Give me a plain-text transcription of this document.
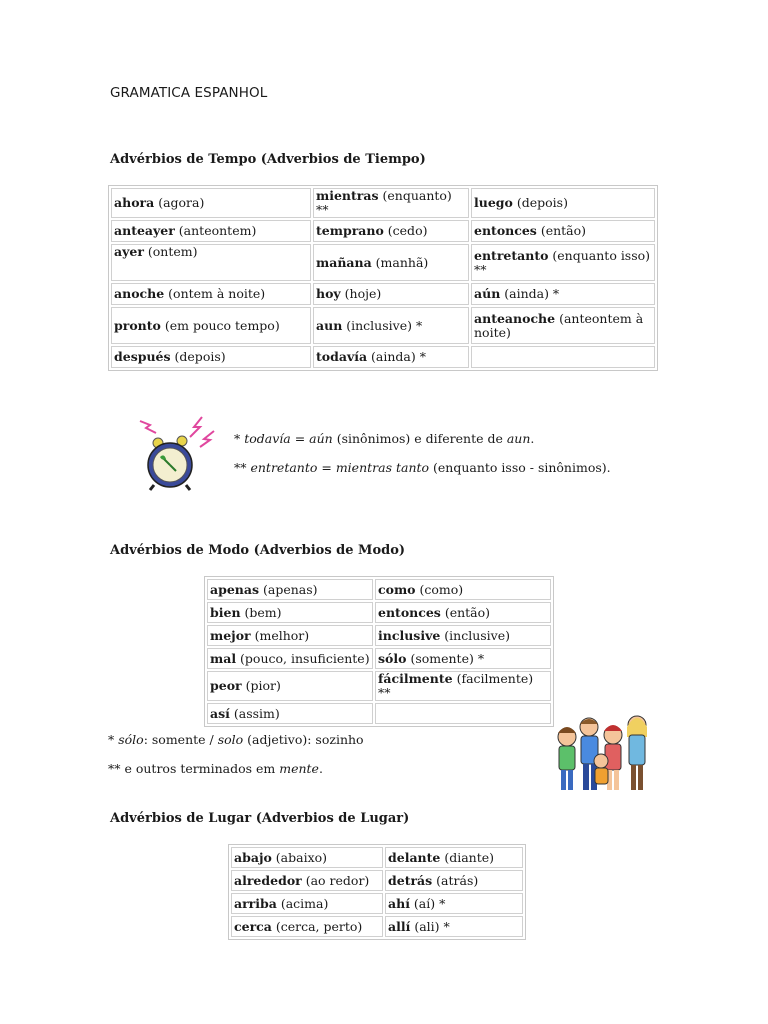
GRAMATICA ESPANHOL
Advérbios de Tempo (Adverbios de Tiempo)
ahora (agora)	mientras (enquanto) **	luego (depois)
anteayer (anteontem)	temprano (cedo)	entonces (então)
ayer (ontem)	mañana (manhã)	entretanto (enquanto isso) **
anoche (ontem à noite)	hoy (hoje)	aún (ainda) *
pronto (em pouco tempo)	aun (inclusive) *	anteanoche (anteontem à noite)
después (depois)	todavía (ainda) *	
* todavía = aún (sinônimos) e diferente de aun.
** entretanto = mientras tanto (enquanto isso - sinônimos).
Advérbios de Modo (Adverbios de Modo)
apenas (apenas)	como (como)
bien (bem)	entonces (então)
mejor (melhor)	inclusive (inclusive)
mal (pouco, insuficiente)	sólo (somente) *
peor (pior)	fácilmente (facilmente) **
así (assim)	
* sólo: somente / solo (adjetivo): sozinho
** e outros terminados em mente.
Advérbios de Lugar (Adverbios de Lugar)
abajo (abaixo)	delante (diante)
alrededor (ao redor)	detrás (atrás)
arriba (acima)	ahí (aí) *
cerca (cerca, perto)	allí (ali) *
